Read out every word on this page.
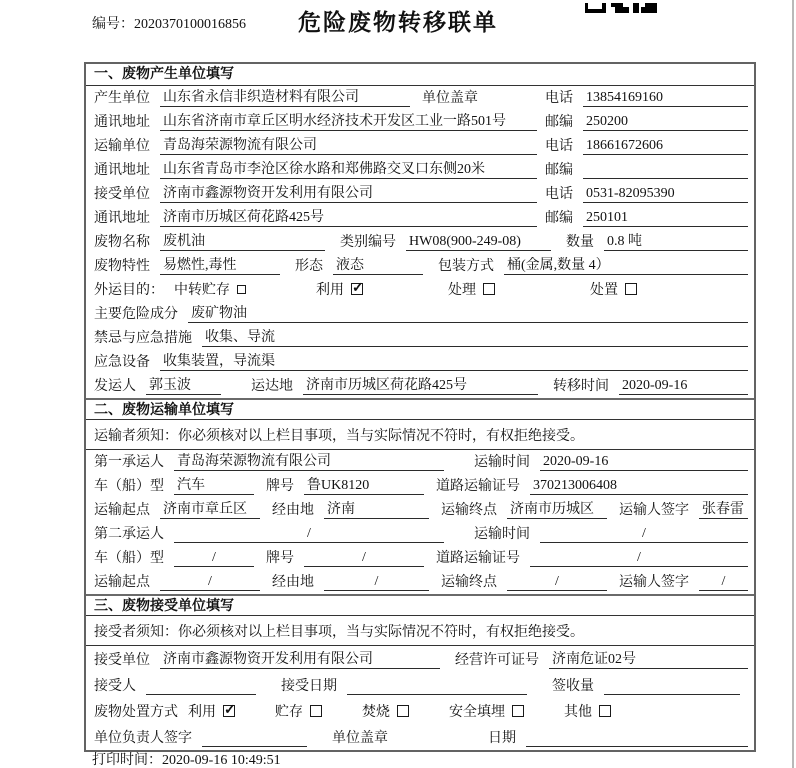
编号：2020370100016856	危险废物转移联单
一、废物产生单位填写
产生单位 山东省永信非织造材料有限公司	单位盖章	电话 13854169160
通讯地址 山东省济南市章丘区明水经济技术开发区工业一路501号	邮编 250200
运输单位 青岛海荣源物流有限公司	电话 18661672606
通讯地址 山东省青岛市李沧区徐水路和郑佛路交叉口东侧20米	邮编
接受单位 济南市鑫源物资开发利用有限公司	电话 0531-82095390
通讯地址 济南市历城区荷花路425号	邮编 250101
废物名称 废机油	类别编号 HW08(900-249-08)	数量 0.8 吨
废物特性 易燃性,毒性	形态 液态	包装方式 桶(金属,数量 4）
外运目的： 中转贮存	利用 ✓	处理	处置
主要危险成分 废矿物油
禁忌与应急措施 收集、导流
应急设备 收集装置，导流渠
发运人 郭玉波	运达地 济南市历城区荷花路425号	转移时间 2020-09-16
二、废物运输单位填写
运输者须知：你必须核对以上栏目事项，当与实际情况不符时，有权拒绝接受。
第一承运人 青岛海荣源物流有限公司	运输时间 2020-09-16
车（船）型 汽车	牌号 鲁UK8120	道路运输证号 370213006408
运输起点 济南市章丘区	经由地 济南	运输终点 济南市历城区	运输人签字 张春雷
第二承运人	/	运输时间	/
车（船）型	/	牌号	/	道路运输证号	/
运输起点	/	经由地	/	运输终点	/	运输人签字	/
三、废物接受单位填写
接受者须知：你必须核对以上栏目事项，当与实际情况不符时，有权拒绝接受。
接受单位 济南市鑫源物资开发利用有限公司	经营许可证号 济南危证02号
接受人	接受日期	签收量
废物处置方式 利用 ✓	贮存	焚烧	安全填埋	其他
单位负责人签字	单位盖章	日期
打印时间：2020-09-16 10:49:51
